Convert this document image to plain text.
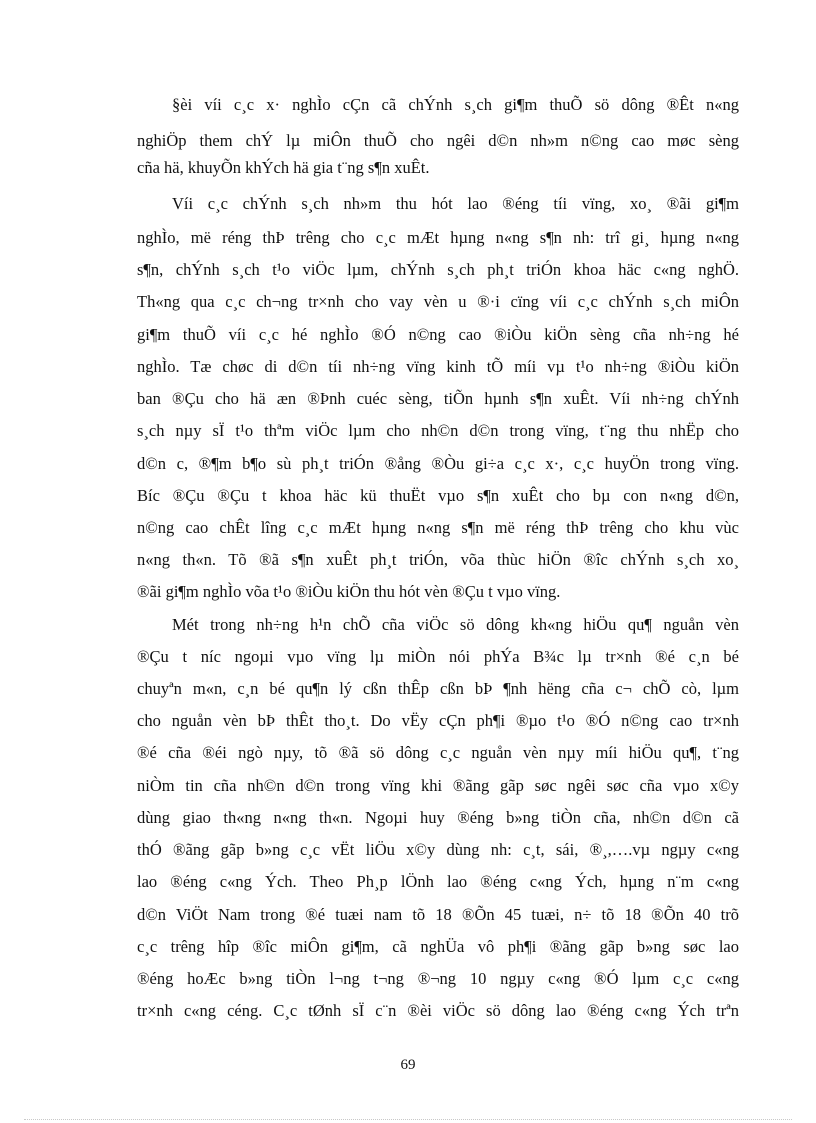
§èi víi c¸c x· nghÌo cÇn cã chÝnh s¸ch gi¶m thuÕ sö dông ®Êt n«ng
nghiÖp them chÝ lµ miÔn thuÕ cho ngêi d©n nh»m n©ng cao møc sèng
cña hä, khuyÕn khÝch hä gia t¨ng s¶n xuÊt.
Víi c¸c chÝnh s¸ch nh»m thu hót lao ®éng tíi vïng, xo¸ ®ãi gi¶m
nghÌo, më réng thÞ trêng cho c¸c mÆt hµng n«ng s¶n nh: trî gi¸ hµng n«ng
s¶n, chÝnh s¸ch t¹o viÖc lµm, chÝnh s¸ch ph¸t triÓn khoa häc c«ng nghÖ.
Th«ng qua c¸c ch¬ng tr×nh cho vay vèn u ®·i cïng víi c¸c chÝnh s¸ch miÔn
gi¶m thuÕ víi c¸c hé nghÌo ®Ó n©ng cao ®iÒu kiÖn sèng cña nh÷ng hé
nghÌo. Tæ chøc di d©n tíi nh÷ng vïng kinh tÕ míi vµ t¹o nh÷ng ®iÒu kiÖn
ban ®Çu cho hä æn ®Þnh cuéc sèng, tiÕn hµnh s¶n xuÊt. Víi nh÷ng chÝnh
s¸ch nµy sÏ t¹o thªm viÖc lµm cho nh©n d©n trong vïng, t¨ng thu nhËp cho
d©n c, ®¶m b¶o sù ph¸t triÓn ®ång ®Òu gi÷a c¸c x·, c¸c huyÖn trong vïng.
Bíc ®Çu ®Çu t khoa häc kü thuËt vµo s¶n xuÊt cho bµ con n«ng d©n,
n©ng cao chÊt lîng c¸c mÆt hµng n«ng s¶n më réng thÞ trêng cho khu vùc
n«ng th«n. Tõ ®ã s¶n xuÊt ph¸t triÓn, võa thùc hiÖn ®îc chÝnh s¸ch xo¸
®ãi gi¶m nghÌo võa t¹o ®iÒu kiÖn thu hót vèn ®Çu t vµo vïng.
Mét trong nh÷ng h¹n chÕ cña viÖc sö dông kh«ng hiÖu qu¶ nguån vèn
®Çu t níc ngoµi vµo vïng lµ miÒn nói phÝa B¾c lµ tr×nh ®é c¸n bé
chuyªn m«n, c¸n bé qu¶n lý cßn thÊp cßn bÞ ¶nh hëng cña c¬ chÕ cò, lµm
cho nguån vèn bÞ thÊt tho¸t. Do vËy cÇn ph¶i ®µo t¹o ®Ó n©ng cao tr×nh
®é cña ®éi ngò nµy, tõ ®ã sö dông c¸c nguån vèn nµy míi hiÖu qu¶, t¨ng
niÒm tin cña nh©n d©n trong vïng khi ®ãng gãp søc ngêi søc cña vµo x©y
dùng giao th«ng n«ng th«n. Ngoµi huy ®éng b»ng tiÒn cña, nh©n d©n cã
thÓ ®ãng gãp b»ng c¸c vËt liÖu x©y dùng nh: c¸t, sái, ®¸,….vµ ngµy c«ng
lao ®éng c«ng Ých. Theo Ph¸p lÖnh lao ®éng c«ng Ých, hµng n¨m c«ng
d©n ViÖt Nam trong ®é tuæi nam tõ 18 ®Õn 45 tuæi, n÷ tõ 18 ®Õn 40 trõ
c¸c trêng hîp ®îc miÔn gi¶m, cã nghÜa vô ph¶i ®ãng gãp b»ng søc lao
®éng hoÆc b»ng tiÒn l¬ng t¬ng ®¬ng 10 ngµy c«ng ®Ó lµm c¸c c«ng
tr×nh c«ng céng. C¸c tØnh sÏ c¨n ®èi viÖc sö dông lao ®éng c«ng Ých trªn
69
